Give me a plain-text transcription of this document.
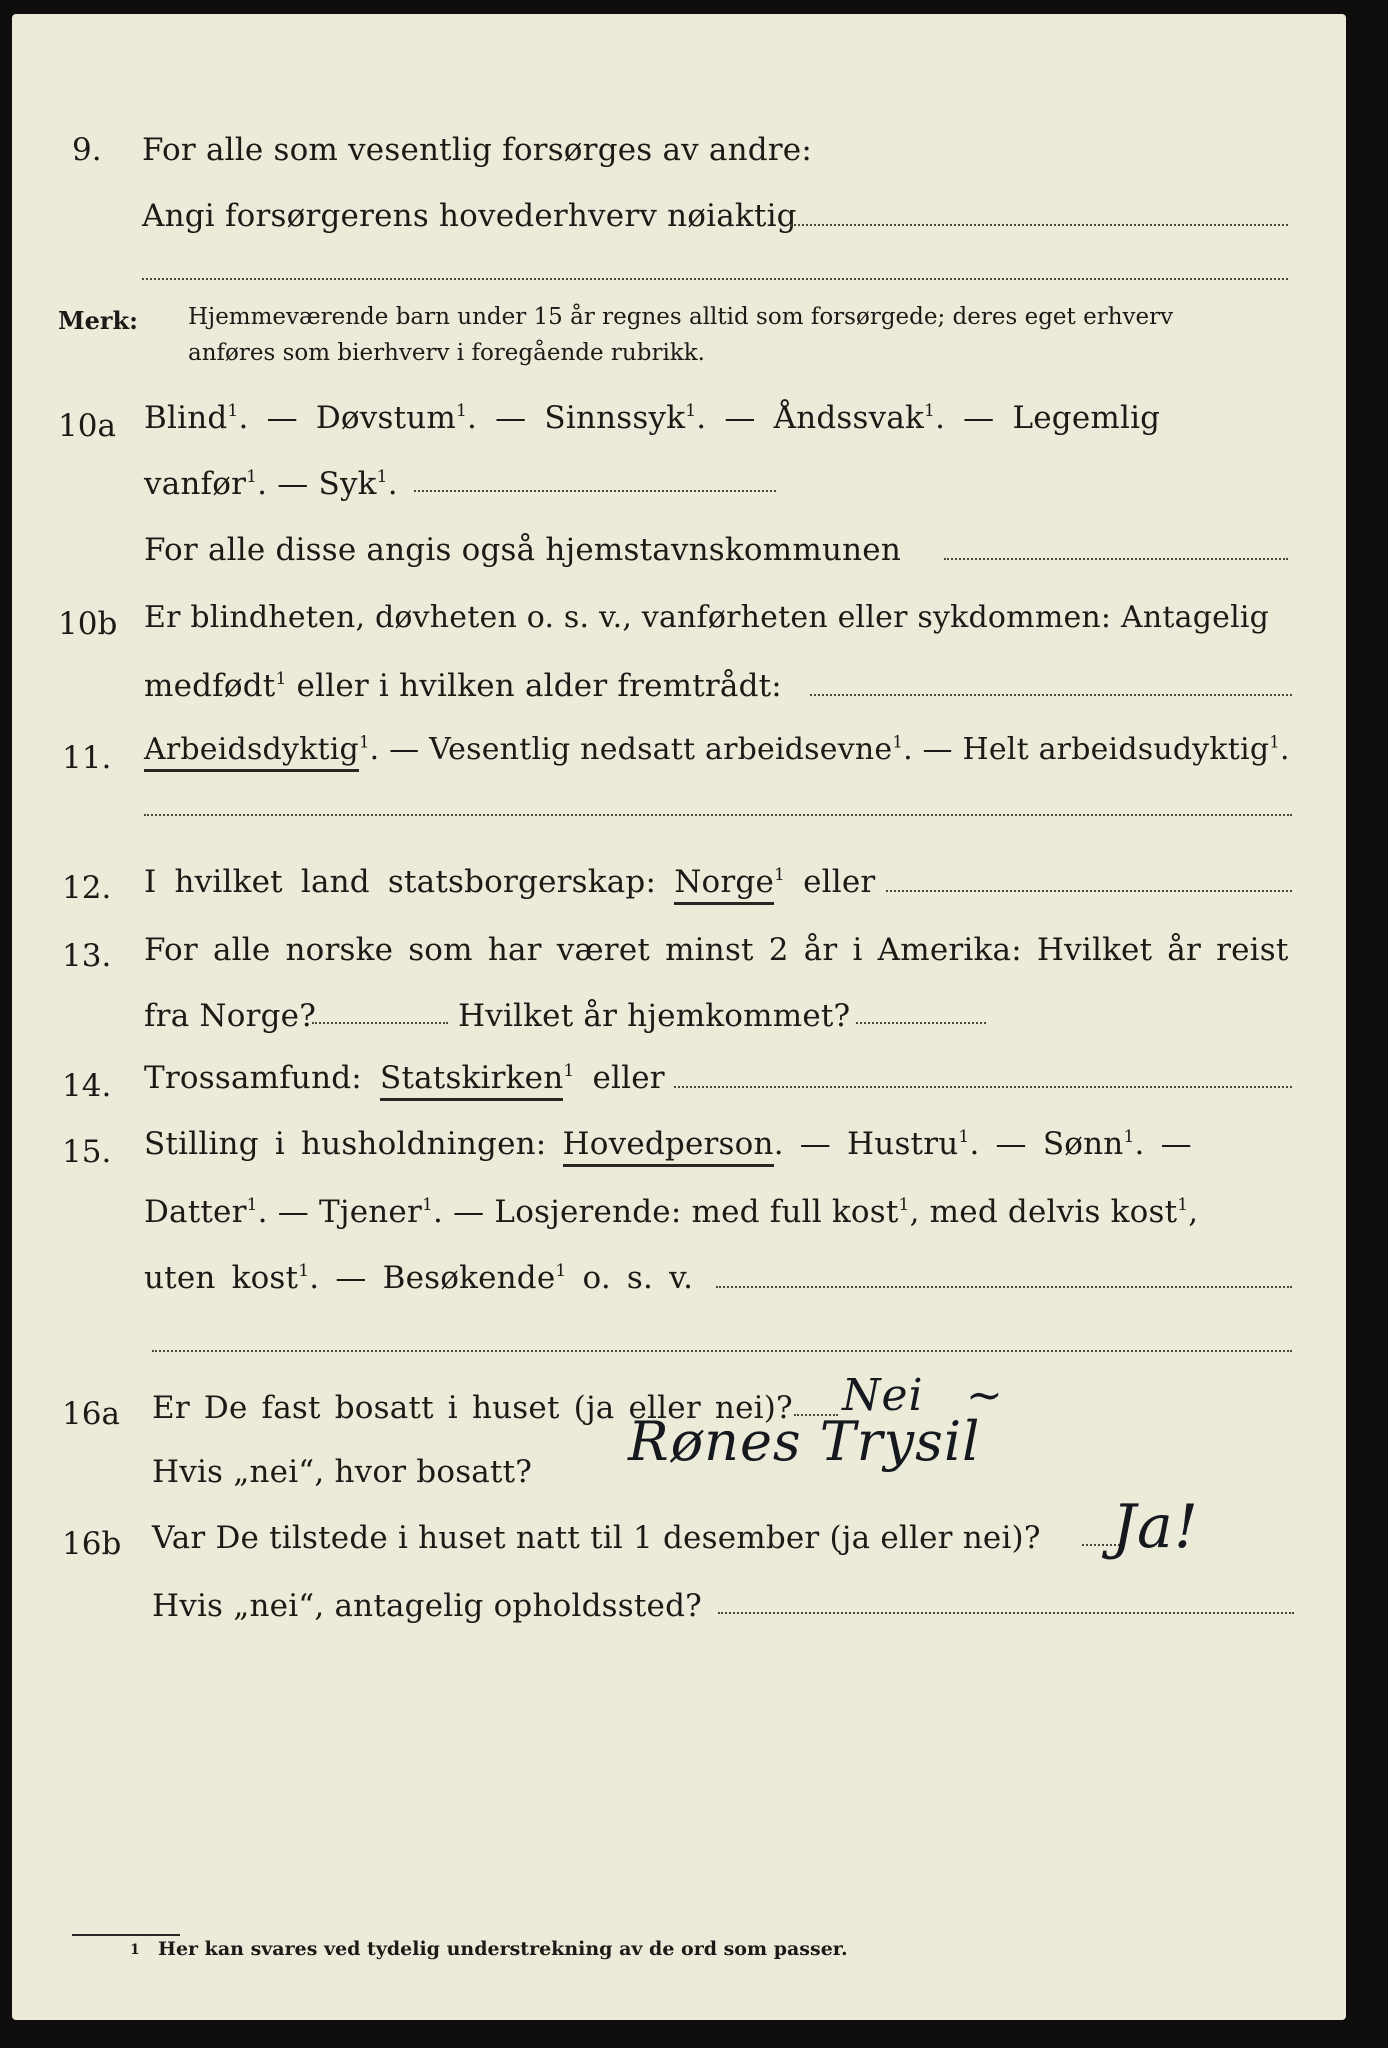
9. For alle som vesentlig forsørges av andre:
Angi forsørgerens hovederhverv nøiaktig
Merk: Hjemmeværende barn under 15 år regnes alltid som forsørgede; deres eget erhverv
anføres som bierhverv i foregående rubrikk.
10a Blind$^1$. — Døvstum$^1$. — Sinnssyk$^1$. — Åndssvak$^1$. — Legemlig
vanfør$^1$. — Syk$^1$.
For alle disse angis også hjemstavnskommunen
10b Er blindheten, døvheten o. s. v., vanførheten eller sykdommen: Antagelig
medfødt$^1$ eller i hvilken alder fremtrådt:
11. Arbeidsdyktig$^1$. — Vesentlig nedsatt arbeidsevne$^1$. — Helt arbeidsudyktig$^1$.
12. I hvilket land statsborgerskap: Norge$^1$ eller
13. For alle norske som har været minst 2 år i Amerika: Hvilket år reist
fra Norge?	Hvilket år hjemkommet?
14. Trossamfund: Statskirken$^1$ eller
15. Stilling i husholdningen: Hovedperson. — Hustru$^1$. — Sønn$^1$. —
Datter$^1$. — Tjener$^1$. — Losjerende: med full kost$^1$, med delvis kost$^1$,
uten kost$^1$. — Besøkende$^1$ o. s. v.
16a Er De fast bosatt i huset (ja eller nei)? Nei ~
Hvis „nei“, hvor bosatt? Rønes Trysil
16b Var De tilstede i huset natt til 1 desember (ja eller nei)? Ja!
Hvis „nei“, antagelig opholdssted?
1 Her kan svares ved tydelig understrekning av de ord som passer.
